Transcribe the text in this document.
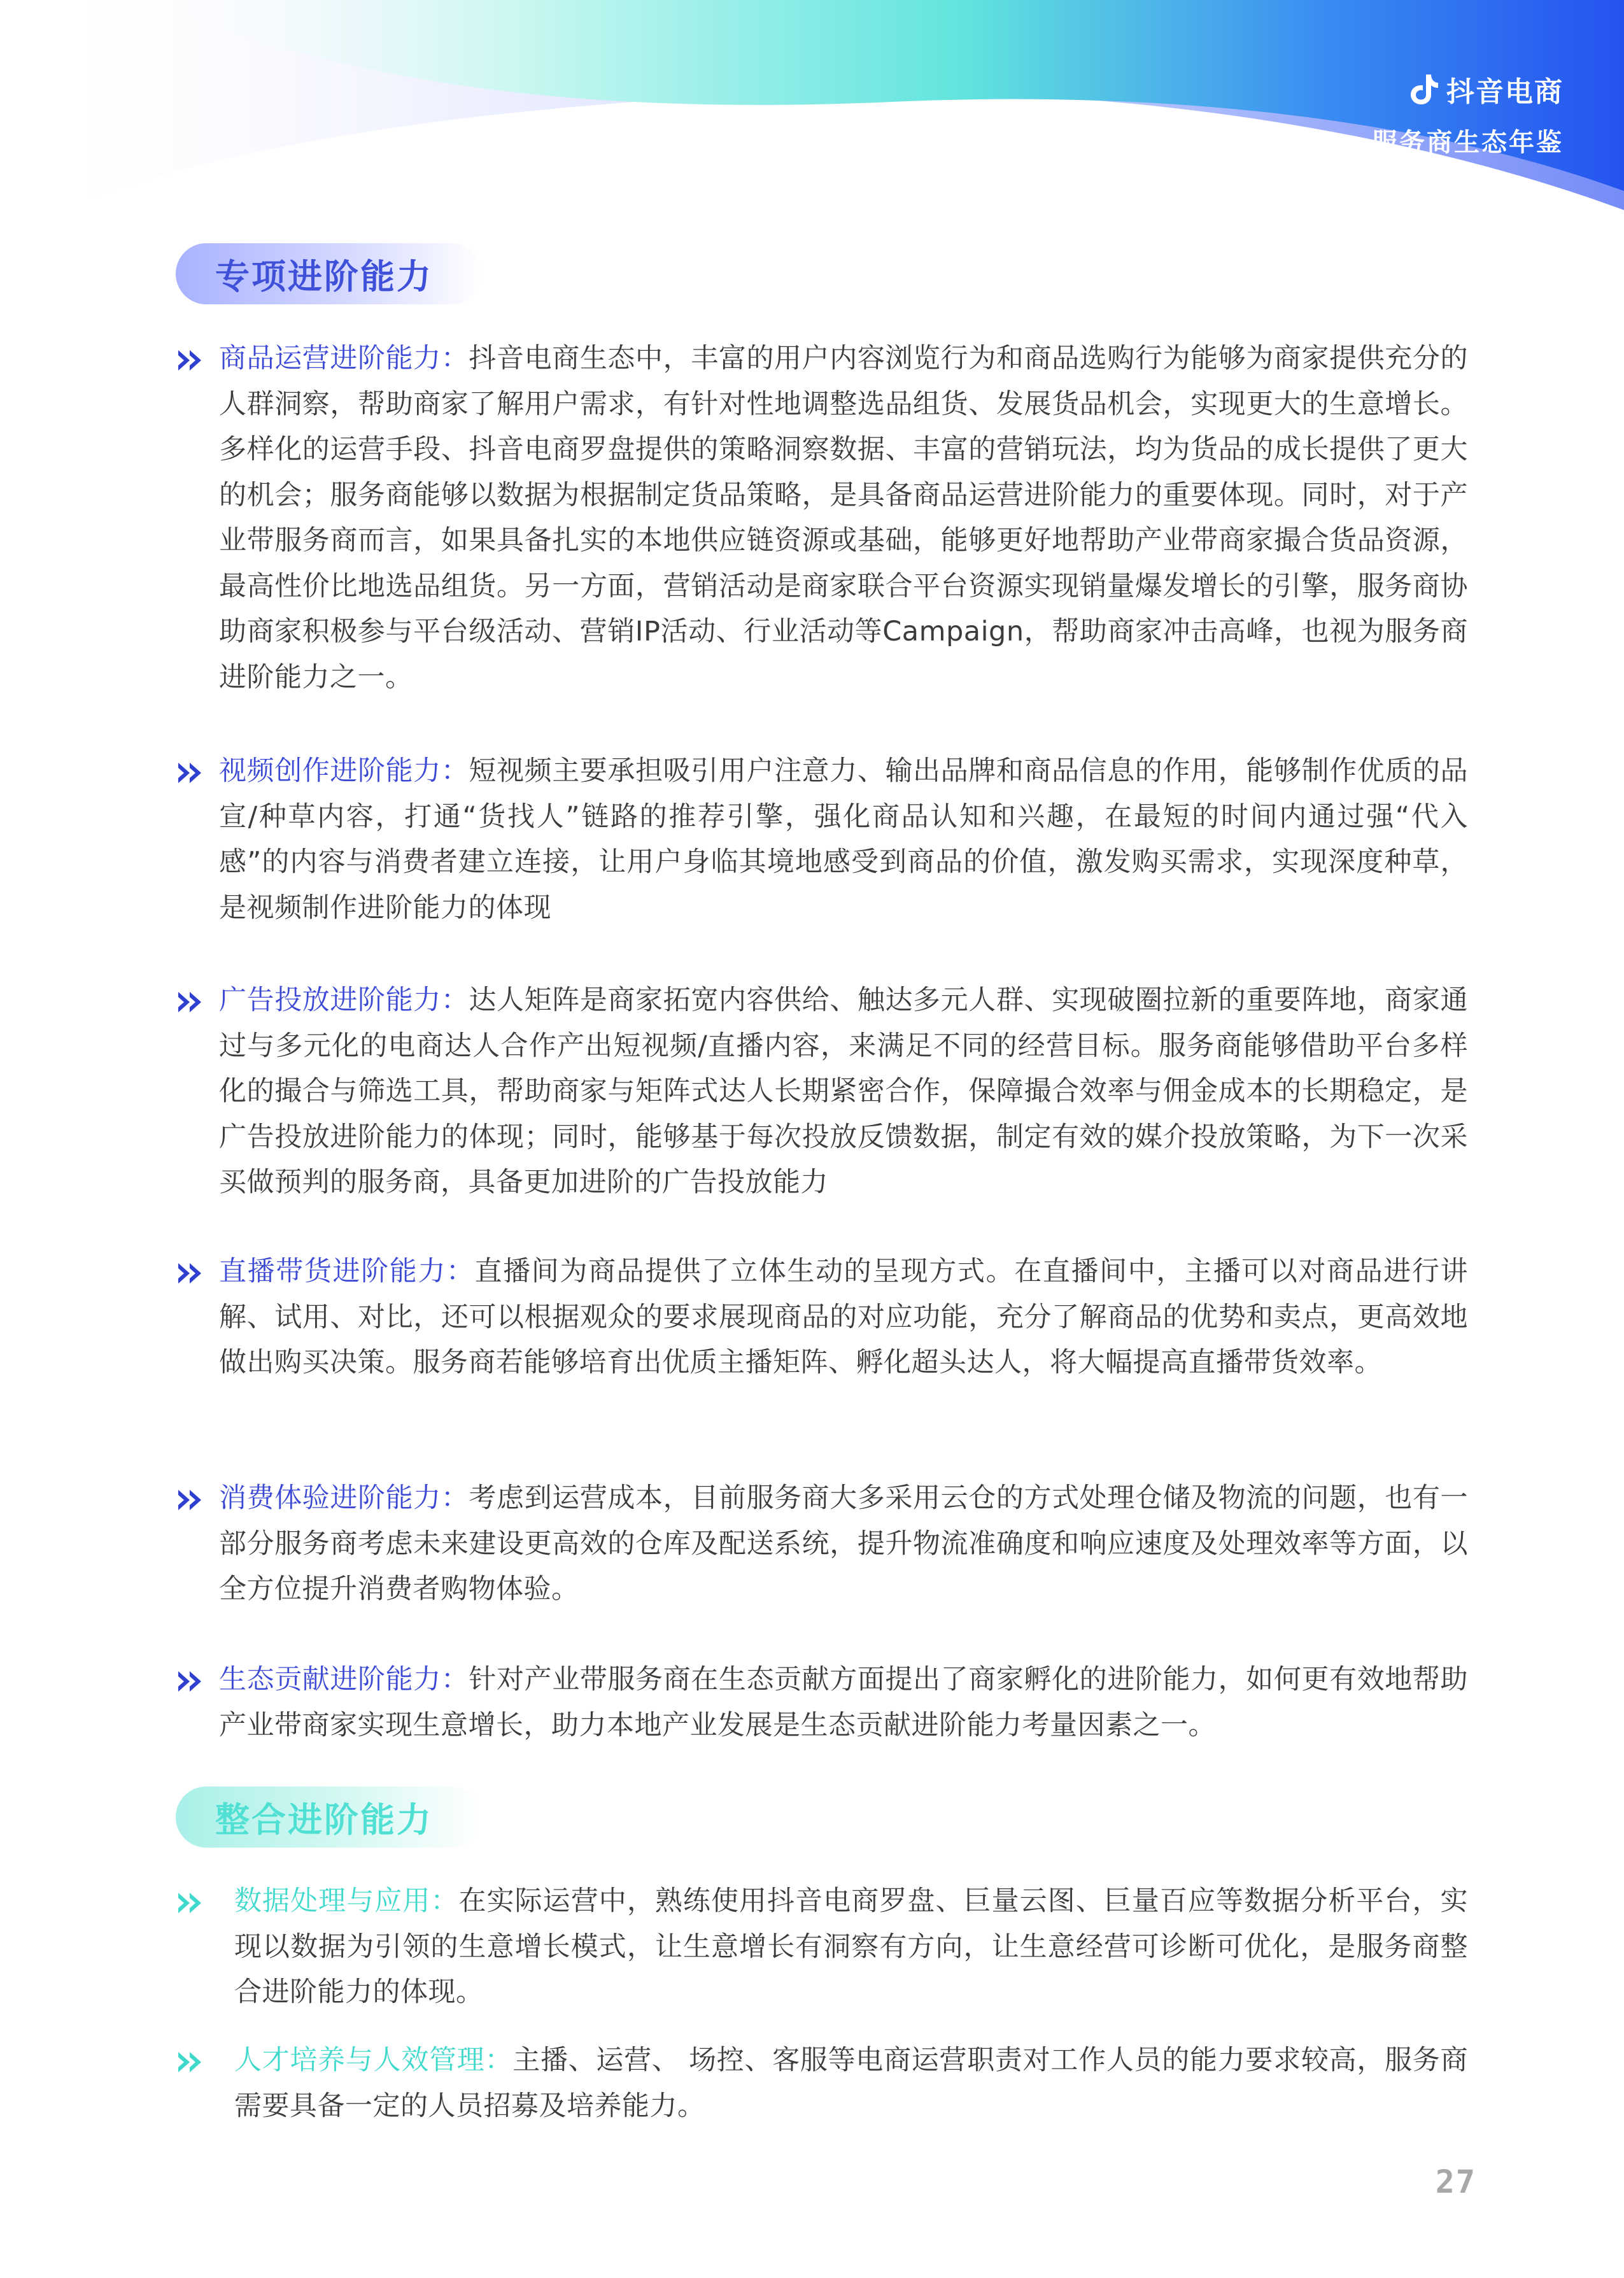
抖音电商
服务商生态年鉴
专项进阶能力
商品运营进阶能力：抖音电商生态中，丰富的用户内容浏览行为和商品选购行为能够为商家提供充分的人群洞察，帮助商家了解用户需求，有针对性地调整选品组货、发展货品机会，实现更大的生意增长。多样化的运营手段、抖音电商罗盘提供的策略洞察数据、丰富的营销玩法，均为货品的成长提供了更大的机会；服务商能够以数据为根据制定货品策略，是具备商品运营进阶能力的重要体现。同时，对于产业带服务商而言，如果具备扎实的本地供应链资源或基础，能够更好地帮助产业带商家撮合货品资源，最高性价比地选品组货。另一方面，营销活动是商家联合平台资源实现销量爆发增长的引擎，服务商协助商家积极参与平台级活动、营销IP活动、行业活动等Campaign，帮助商家冲击高峰，也视为服务商进阶能力之一。
视频创作进阶能力：短视频主要承担吸引用户注意力、输出品牌和商品信息的作用，能够制作优质的品宣/种草内容，打通“货找人”链路的推荐引擎，强化商品认知和兴趣，在最短的时间内通过强“代入感”的内容与消费者建立连接，让用户身临其境地感受到商品的价值，激发购买需求，实现深度种草，是视频制作进阶能力的体现
广告投放进阶能力：达人矩阵是商家拓宽内容供给、触达多元人群、实现破圈拉新的重要阵地，商家通过与多元化的电商达人合作产出短视频/直播内容，来满足不同的经营目标。服务商能够借助平台多样化的撮合与筛选工具，帮助商家与矩阵式达人长期紧密合作，保障撮合效率与佣金成本的长期稳定，是广告投放进阶能力的体现；同时，能够基于每次投放反馈数据，制定有效的媒介投放策略，为下一次采买做预判的服务商，具备更加进阶的广告投放能力
直播带货进阶能力：直播间为商品提供了立体生动的呈现方式。在直播间中，主播可以对商品进行讲解、试用、对比，还可以根据观众的要求展现商品的对应功能，充分了解商品的优势和卖点，更高效地做出购买决策。服务商若能够培育出优质主播矩阵、孵化超头达人，将大幅提高直播带货效率。
消费体验进阶能力：考虑到运营成本，目前服务商大多采用云仓的方式处理仓储及物流的问题，也有一部分服务商考虑未来建设更高效的仓库及配送系统，提升物流准确度和响应速度及处理效率等方面，以全方位提升消费者购物体验。
生态贡献进阶能力：针对产业带服务商在生态贡献方面提出了商家孵化的进阶能力，如何更有效地帮助产业带商家实现生意增长，助力本地产业发展是生态贡献进阶能力考量因素之一。
整合进阶能力
数据处理与应用：在实际运营中，熟练使用抖音电商罗盘、巨量云图、巨量百应等数据分析平台，实现以数据为引领的生意增长模式，让生意增长有洞察有方向，让生意经营可诊断可优化，是服务商整合进阶能力的体现。
人才培养与人效管理：主播、运营、 场控、客服等电商运营职责对工作人员的能力要求较高，服务商需要具备一定的人员招募及培养能力。
27
